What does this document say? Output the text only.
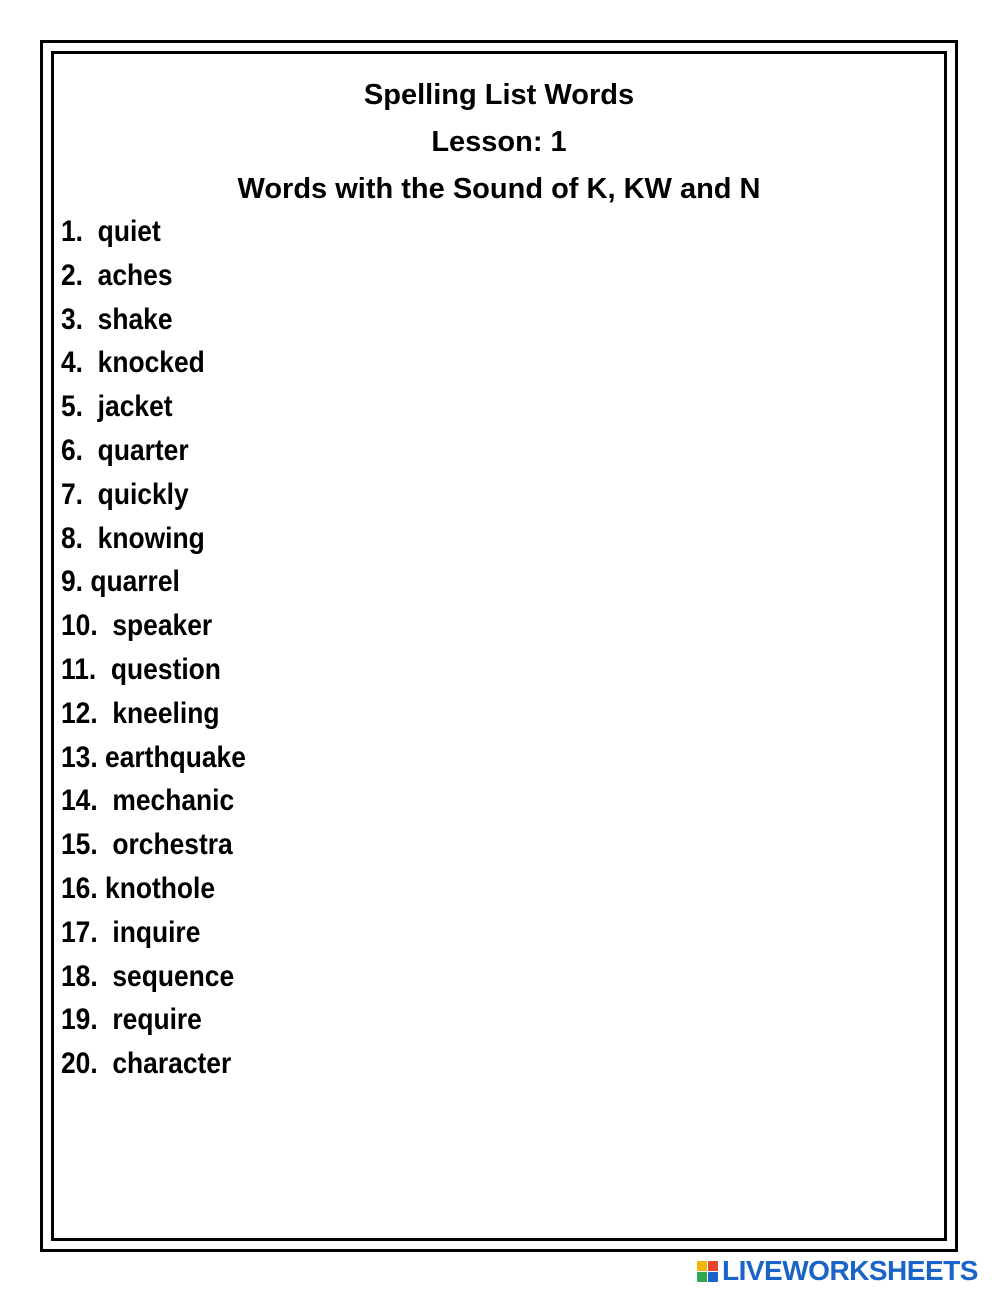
Spelling List Words
Lesson: 1
Words with the Sound of K, KW and N
1.  quiet
2.  aches
3.  shake
4.  knocked
5.  jacket
6.  quarter
7.  quickly
8.  knowing
9. quarrel
10.  speaker
11.  question
12.  kneeling
13. earthquake
14.  mechanic
15.  orchestra
16. knothole
17.  inquire
18.  sequence
19.  require
20.  character
LIVEWORKSHEETS
